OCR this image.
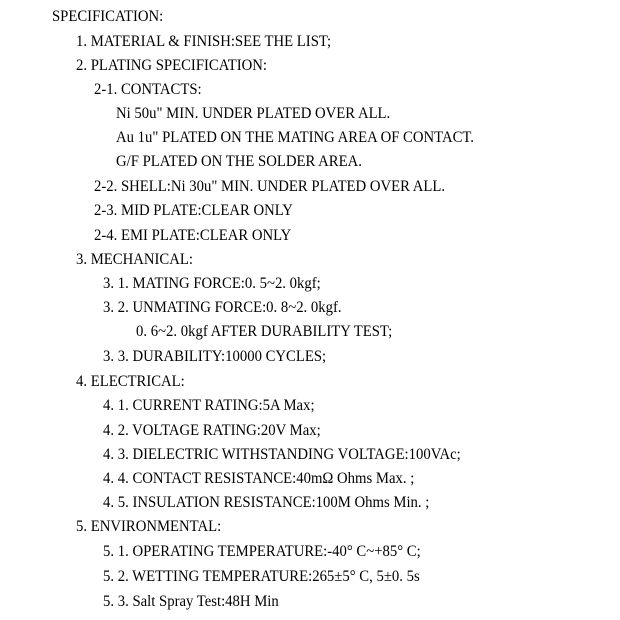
SPECIFICATION:
1. MATERIAL & FINISH:SEE THE LIST;
2. PLATING SPECIFICATION:
2-1. CONTACTS:
Ni 50u" MIN. UNDER PLATED OVER ALL.
Au 1u" PLATED ON THE MATING AREA OF CONTACT.
G/F PLATED ON THE SOLDER AREA.
2-2. SHELL:Ni 30u" MIN. UNDER PLATED OVER ALL.
2-3. MID PLATE:CLEAR ONLY
2-4. EMI PLATE:CLEAR ONLY
3. MECHANICAL:
3. 1. MATING FORCE:0. 5~2. 0kgf;
3. 2. UNMATING FORCE:0. 8~2. 0kgf.
0. 6~2. 0kgf AFTER DURABILITY TEST;
3. 3. DURABILITY:10000 CYCLES;
4. ELECTRICAL:
4. 1. CURRENT RATING:5A Max;
4. 2. VOLTAGE RATING:20V Max;
4. 3. DIELECTRIC WITHSTANDING VOLTAGE:100VAc;
4. 4. CONTACT RESISTANCE:40mΩ Ohms Max. ;
4. 5. INSULATION RESISTANCE:100M Ohms Min. ;
5. ENVIRONMENTAL:
5. 1. OPERATING TEMPERATURE:-40° C~+85° C;
5. 2. WETTING TEMPERATURE:265±5° C, 5±0. 5s
5. 3. Salt Spray Test:48H Min
